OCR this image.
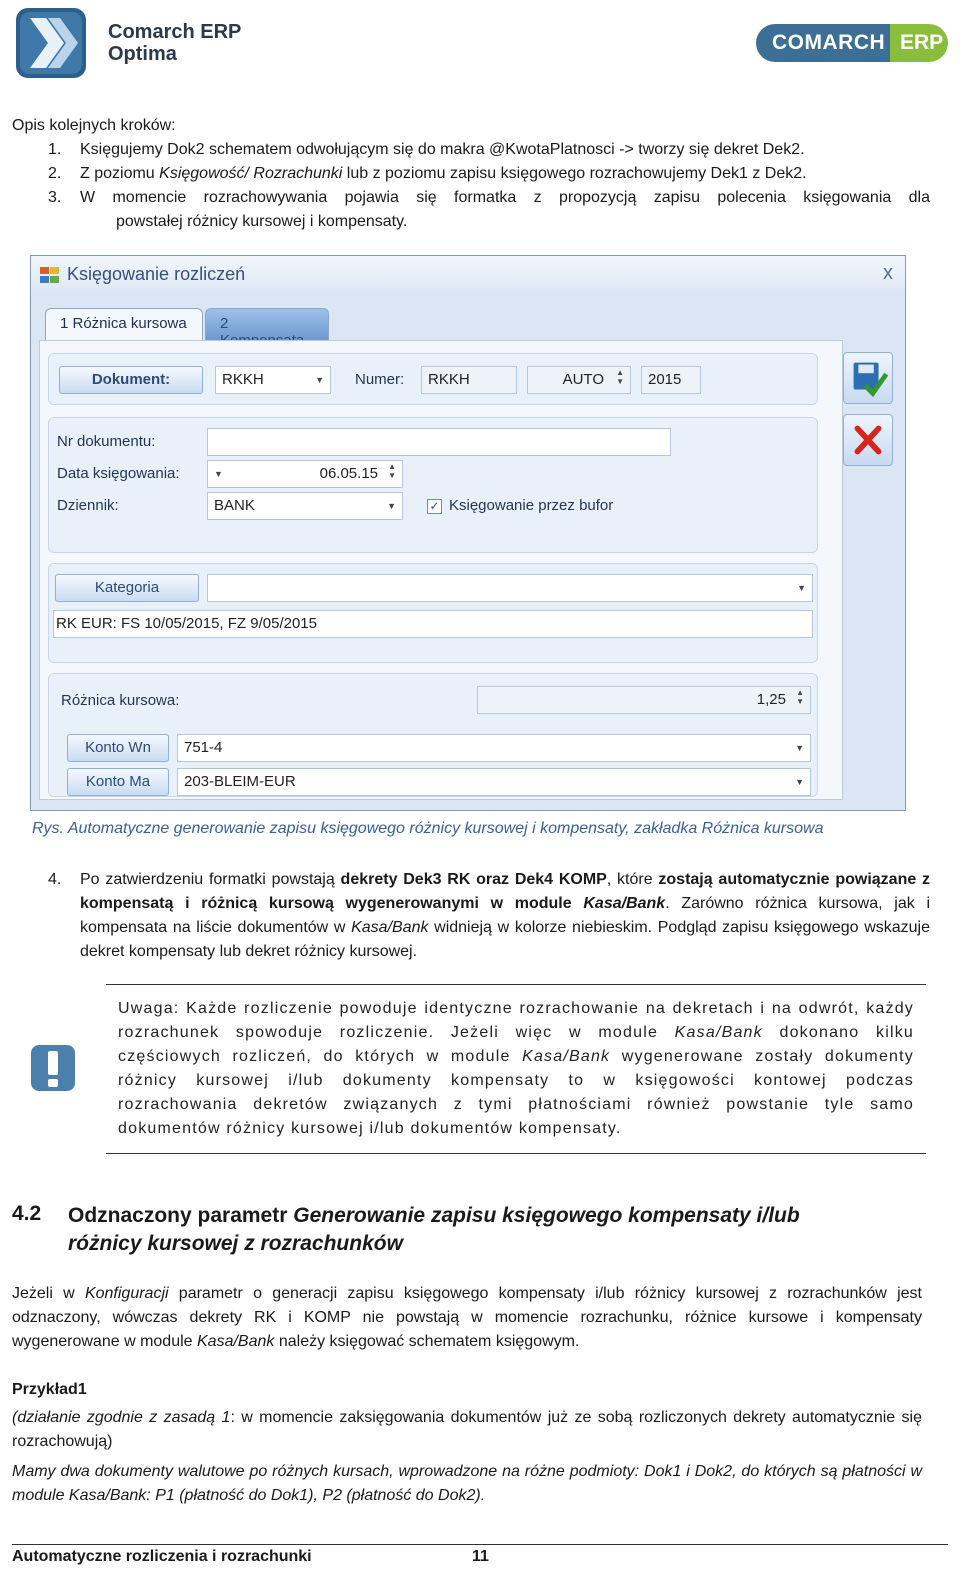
Comarch ERP
Optima	COMARCH ERP
Opis kolejnych kroków:
1. Księgujemy Dok2 schematem odwołującym się do makra @KwotaPlatnosci -> tworzy się dekret Dek2.
2. Z poziomu Księgowość/ Rozrachunki lub z poziomu zapisu księgowego rozrachowujemy Dek1 z Dek2.
3. W momencie rozrachowywania pojawia się formatka z propozycją zapisu polecenia księgowania dla
powstałej różnicy kursowej i kompensaty.
Księgowanie rozliczeń	x
1 Różnica kursowa	2
Dokument:	RKKH	▼ Numer:	RKKH	AUTO ▲
▼	2015
Nr dokumentu:
Data księgowania:	▼	06.05.15 ▲
▼
Dziennik:	BANK	▼	✓ Księgowanie przez bufor
Kategoria	▼
RK EUR: FS 10/05/2015, FZ 9/05/2015
Różnica kursowa:	1,25 ▲
▼
Konto Wn	751-4	▼
Konto Ma	203-BLEIM-EUR	▼
Rys. Automatyczne generowanie zapisu księgowego różnicy kursowej i kompensaty, zakładka Różnica kursowa
4. Po zatwierdzeniu formatki powstają dekrety Dek3 RK oraz Dek4 KOMP, które zostają automatycznie powiązane z kompensatą i różnicą kursową wygenerowanymi w module Kasa/Bank. Zarówno różnica kursowa, jak i kompensata na liście dokumentów w Kasa/Bank widnieją w kolorze niebieskim. Podgląd zapisu księgowego wskazuje dekret kompensaty lub dekret różnicy kursowej.
Uwaga: Każde rozliczenie powoduje identyczne rozrachowanie na dekretach i na odwrót, każdy rozrachunek spowoduje rozliczenie. Jeżeli więc w module Kasa/Bank dokonano kilku częściowych rozliczeń, do których w module Kasa/Bank wygenerowane zostały dokumenty różnicy kursowej i/lub dokumenty kompensaty to w księgowości kontowej podczas rozrachowania dekretów związanych z tymi płatnościami również powstanie tyle samo dokumentów różnicy kursowej i/lub dokumentów kompensaty.
4.2 Odznaczony parametr Generowanie zapisu księgowego kompensaty i/lub różnicy kursowej z rozrachunków
Jeżeli w Konfiguracji parametr o generacji zapisu księgowego kompensaty i/lub różnicy kursowej z rozrachunków jest odznaczony, wówczas dekrety RK i KOMP nie powstają w momencie rozrachunku, różnice kursowe i kompensaty wygenerowane w module Kasa/Bank należy księgować schematem księgowym.
Przykład1
(działanie zgodnie z zasadą 1: w momencie zaksięgowania dokumentów już ze sobą rozliczonych dekrety automatycznie się rozrachowują)
Mamy dwa dokumenty walutowe po różnych kursach, wprowadzone na różne podmioty: Dok1 i Dok2, do których są płatności w module Kasa/Bank: P1 (płatność do Dok1), P2 (płatność do Dok2).
Automatyczne rozliczenia i rozrachunki	11
